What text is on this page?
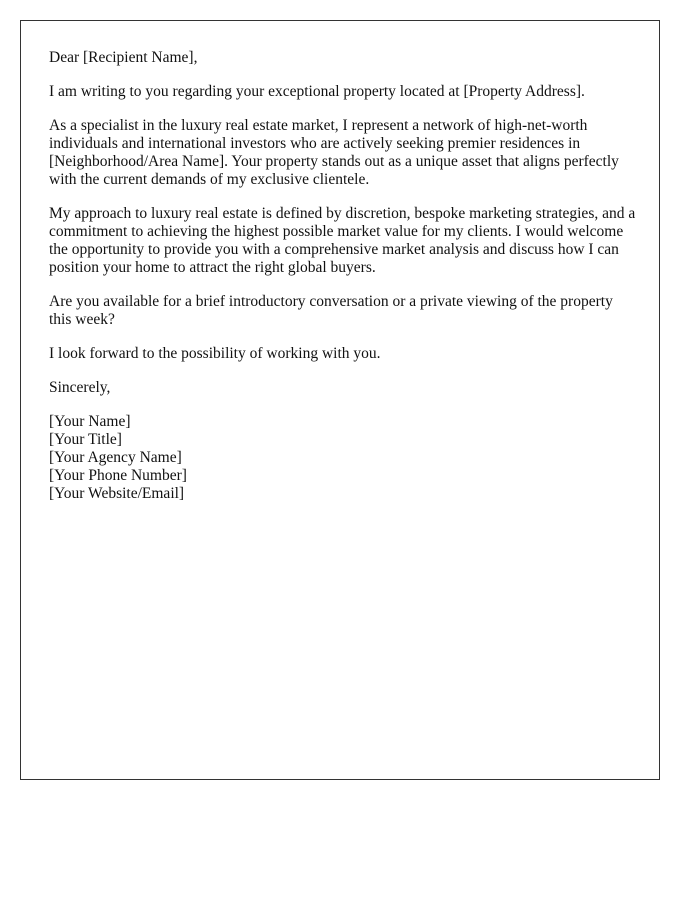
Dear [Recipient Name],

I am writing to you regarding your exceptional property located at [Property Address].

As a specialist in the luxury real estate market, I represent a network of high-net-worth individuals and international investors who are actively seeking premier residences in [Neighborhood/Area Name]. Your property stands out as a unique asset that aligns perfectly with the current demands of my exclusive clientele.

My approach to luxury real estate is defined by discretion, bespoke marketing strategies, and a commitment to achieving the highest possible market value for my clients. I would welcome the opportunity to provide you with a comprehensive market analysis and discuss how I can position your home to attract the right global buyers.

Are you available for a brief introductory conversation or a private viewing of the property this week?

I look forward to the possibility of working with you.

Sincerely,

[Your Name]
[Your Title]
[Your Agency Name]
[Your Phone Number]
[Your Website/Email]
